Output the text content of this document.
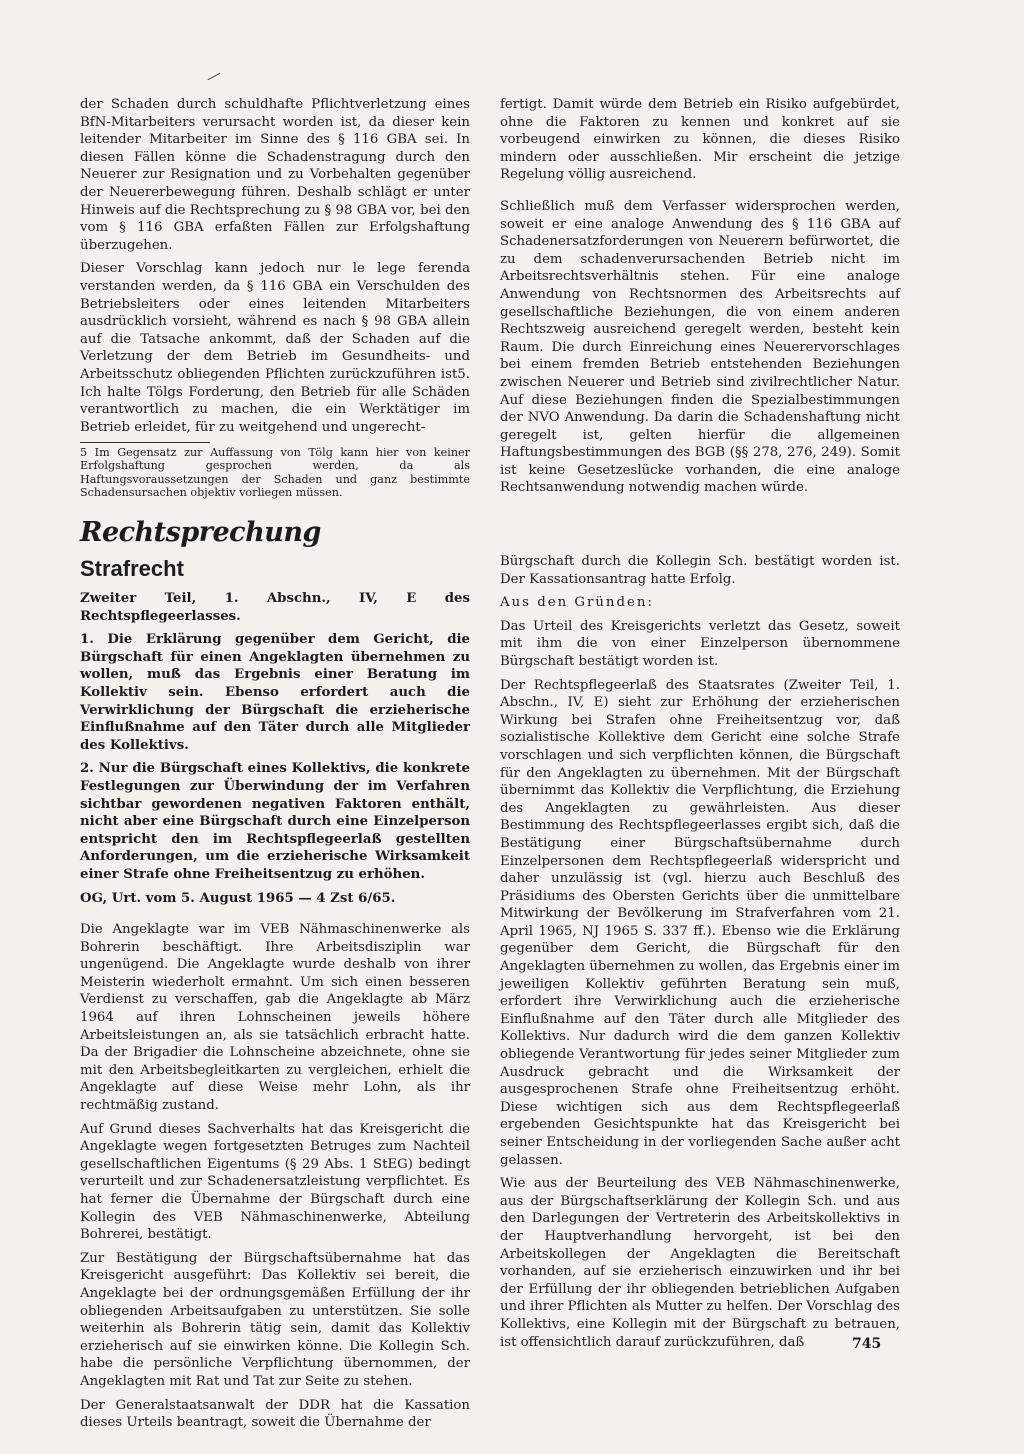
der Schaden durch schuldhafte Pflichtverletzung eines BfN-Mitarbeiters verursacht worden ist, da dieser kein leitender Mitarbeiter im Sinne des § 116 GBA sei. In diesen Fällen könne die Schadenstragung durch den Neuerer zur Resignation und zu Vorbehalten gegenüber der Neuererbewegung führen. Deshalb schlägt er unter Hinweis auf die Rechtsprechung zu § 98 GBA vor, bei den vom § 116 GBA erfaßten Fällen zur Erfolgshaftung überzugehen.

Dieser Vorschlag kann jedoch nur le lege ferenda verstanden werden, da § 116 GBA ein Verschulden des Betriebsleiters oder eines leitenden Mitarbeiters ausdrücklich vorsieht, während es nach § 98 GBA allein auf die Tatsache ankommt, daß der Schaden auf die Verletzung der dem Betrieb im Gesundheits- und Arbeitsschutz obliegenden Pflichten zurückzuführen ist5. Ich halte Tölgs Forderung, den Betrieb für alle Schäden verantwortlich zu machen, die ein Werktätiger im Betrieb erleidet, für zu weitgehend und ungerecht-

5 Im Gegensatz zur Auffassung von Tölg kann hier von keiner Erfolgshaftung gesprochen werden, da als Haftungsvoraussetzungen der Schaden und ganz bestimmte Schadensursachen objektiv vorliegen müssen.

fertigt. Damit würde dem Betrieb ein Risiko aufgebürdet, ohne die Faktoren zu kennen und konkret auf sie vorbeugend einwirken zu können, die dieses Risiko mindern oder ausschließen. Mir erscheint die jetzige Regelung völlig ausreichend.

Schließlich muß dem Verfasser widersprochen werden, soweit er eine analoge Anwendung des § 116 GBA auf Schadenersatzforderungen von Neuerern befürwortet, die zu dem schadenverursachenden Betrieb nicht im Arbeitsrechtsverhältnis stehen. Für eine analoge Anwendung von Rechtsnormen des Arbeitsrechts auf gesellschaftliche Beziehungen, die von einem anderen Rechtszweig ausreichend geregelt werden, besteht kein Raum. Die durch Einreichung eines Neuerervorschlages bei einem fremden Betrieb entstehenden Beziehungen zwischen Neuerer und Betrieb sind zivilrechtlicher Natur. Auf diese Beziehungen finden die Spezialbestimmungen der NVO Anwendung. Da darin die Schadenshaftung nicht geregelt ist, gelten hierfür die allgemeinen Haftungsbestimmungen des BGB (§§ 278, 276, 249). Somit ist keine Gesetzeslücke vorhanden, die eine analoge Rechtsanwendung notwendig machen würde.

Rechtsprechung
Strafrecht

Zweiter Teil, 1. Abschn., IV, E des Rechtspflegeerlasses.

1. Die Erklärung gegenüber dem Gericht, die Bürgschaft für einen Angeklagten übernehmen zu wollen, muß das Ergebnis einer Beratung im Kollektiv sein. Ebenso erfordert auch die Verwirklichung der Bürgschaft die erzieherische Einflußnahme auf den Täter durch alle Mitglieder des Kollektivs.

2. Nur die Bürgschaft eines Kollektivs, die konkrete Festlegungen zur Überwindung der im Verfahren sichtbar gewordenen negativen Faktoren enthält, nicht aber eine Bürgschaft durch eine Einzelperson entspricht den im Rechtspflegeerlaß gestellten Anforderungen, um die erzieherische Wirksamkeit einer Strafe ohne Freiheitsentzug zu erhöhen.

OG, Urt. vom 5. August 1965 — 4 Zst 6/65.

Die Angeklagte war im VEB Nähmaschinenwerke als Bohrerin beschäftigt. Ihre Arbeitsdisziplin war ungenügend. Die Angeklagte wurde deshalb von ihrer Meisterin wiederholt ermahnt. Um sich einen besseren Verdienst zu verschaffen, gab die Angeklagte ab März 1964 auf ihren Lohnscheinen jeweils höhere Arbeitsleistungen an, als sie tatsächlich erbracht hatte. Da der Brigadier die Lohnscheine abzeichnete, ohne sie mit den Arbeitsbegleitkarten zu vergleichen, erhielt die Angeklagte auf diese Weise mehr Lohn, als ihr rechtmäßig zustand.

Auf Grund dieses Sachverhalts hat das Kreisgericht die Angeklagte wegen fortgesetzten Betruges zum Nachteil gesellschaftlichen Eigentums (§ 29 Abs. 1 StEG) bedingt verurteilt und zur Schadenersatzleistung verpflichtet. Es hat ferner die Übernahme der Bürgschaft durch eine Kollegin des VEB Nähmaschinenwerke, Abteilung Bohrerei, bestätigt.

Zur Bestätigung der Bürgschaftsübernahme hat das Kreisgericht ausgeführt: Das Kollektiv sei bereit, die Angeklagte bei der ordnungsgemäßen Erfüllung der ihr obliegenden Arbeitsaufgaben zu unterstützen. Sie solle weiterhin als Bohrerin tätig sein, damit das Kollektiv erzieherisch auf sie einwirken könne. Die Kollegin Sch. habe die persönliche Verpflichtung übernommen, der Angeklagten mit Rat und Tat zur Seite zu stehen.

Der Generalstaatsanwalt der DDR hat die Kassation dieses Urteils beantragt, soweit die Übernahme der

Bürgschaft durch die Kollegin Sch. bestätigt worden ist. Der Kassationsantrag hatte Erfolg.

Aus den Gründen:

Das Urteil des Kreisgerichts verletzt das Gesetz, soweit mit ihm die von einer Einzelperson übernommene Bürgschaft bestätigt worden ist.

Der Rechtspflegeerlaß des Staatsrates (Zweiter Teil, 1. Abschn., IV, E) sieht zur Erhöhung der erzieherischen Wirkung bei Strafen ohne Freiheitsentzug vor, daß sozialistische Kollektive dem Gericht eine solche Strafe vorschlagen und sich verpflichten können, die Bürgschaft für den Angeklagten zu übernehmen. Mit der Bürgschaft übernimmt das Kollektiv die Verpflichtung, die Erziehung des Angeklagten zu gewährleisten. Aus dieser Bestimmung des Rechtspflegeerlasses ergibt sich, daß die Bestätigung einer Bürgschaftsübernahme durch Einzelpersonen dem Rechtspflegeerlaß widerspricht und daher unzulässig ist (vgl. hierzu auch Beschluß des Präsidiums des Obersten Gerichts über die unmittelbare Mitwirkung der Bevölkerung im Strafverfahren vom 21. April 1965, NJ 1965 S. 337 ff.). Ebenso wie die Erklärung gegenüber dem Gericht, die Bürgschaft für den Angeklagten übernehmen zu wollen, das Ergebnis einer im jeweiligen Kollektiv geführten Beratung sein muß, erfordert ihre Verwirklichung auch die erzieherische Einflußnahme auf den Täter durch alle Mitglieder des Kollektivs. Nur dadurch wird die dem ganzen Kollektiv obliegende Verantwortung für jedes seiner Mitglieder zum Ausdruck gebracht und die Wirksamkeit der ausgesprochenen Strafe ohne Freiheitsentzug erhöht. Diese wichtigen sich aus dem Rechtspflegeerlaß ergebenden Gesichtspunkte hat das Kreisgericht bei seiner Entscheidung in der vorliegenden Sache außer acht gelassen.

Wie aus der Beurteilung des VEB Nähmaschinenwerke, aus der Bürgschaftserklärung der Kollegin Sch. und aus den Darlegungen der Vertreterin des Arbeitskollektivs in der Hauptverhandlung hervorgeht, ist bei den Arbeitskollegen der Angeklagten die Bereitschaft vorhanden, auf sie erzieherisch einzuwirken und ihr bei der Erfüllung der ihr obliegenden betrieblichen Aufgaben und ihrer Pflichten als Mutter zu helfen. Der Vorschlag des Kollektivs, eine Kollegin mit der Bürgschaft zu betrauen, ist offensichtlich darauf zurückzuführen, daß	745
